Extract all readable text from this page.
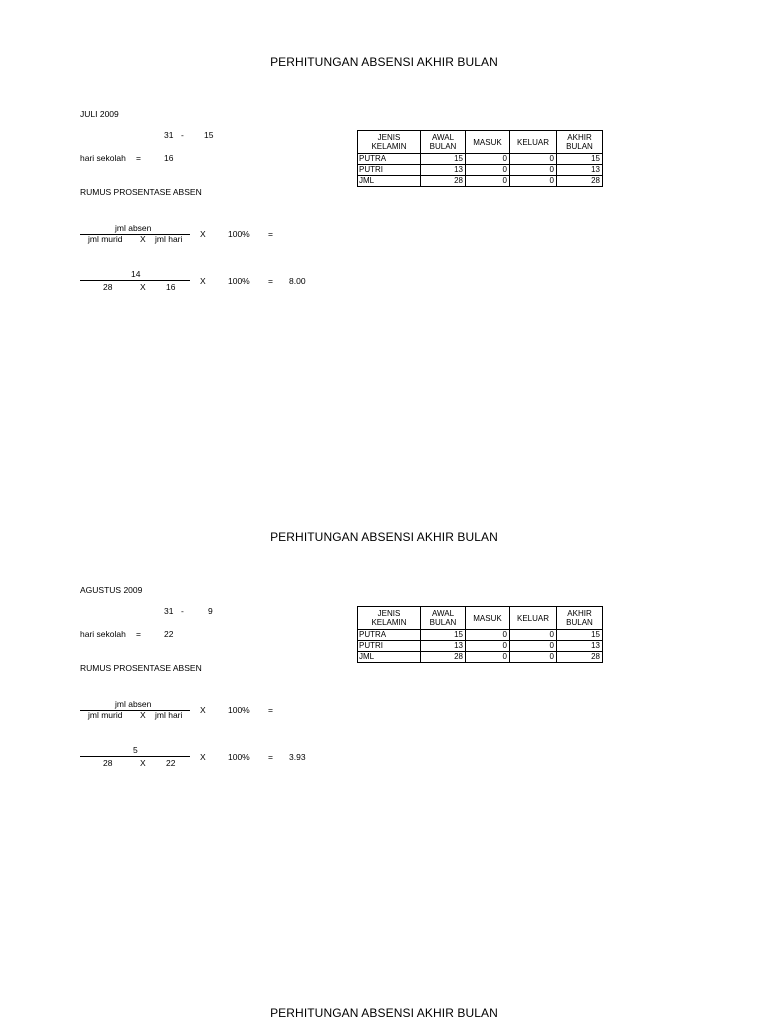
PERHITUNGAN ABSENSI AKHIR BULAN
JULI 2009
31 - 15
hari sekolah =	16
RUMUS PROSENTASE ABSEN
jml absen
jml murid X jml hari X	100% =
14
28	X 16
X	100% = 8.00
JENIS KELAMIN	AWAL BULAN	MASUK	KELUAR	AKHIR BULAN
PUTRA	15	0	0	15
PUTRI	13	0	0	13
JML	28	0	0	28
PERHITUNGAN ABSENSI AKHIR BULAN
AGUSTUS 2009
31 -	9
hari sekolah =	22
RUMUS PROSENTASE ABSEN
jml absen
jml murid X jml hari X	100% =
5
28	X 22
X	100% = 3.93
JENIS KELAMIN	AWAL BULAN	MASUK	KELUAR	AKHIR BULAN
PUTRA	15	0	0	15
PUTRI	13	0	0	13
JML	28	0	0	28
PERHITUNGAN ABSENSI AKHIR BULAN
